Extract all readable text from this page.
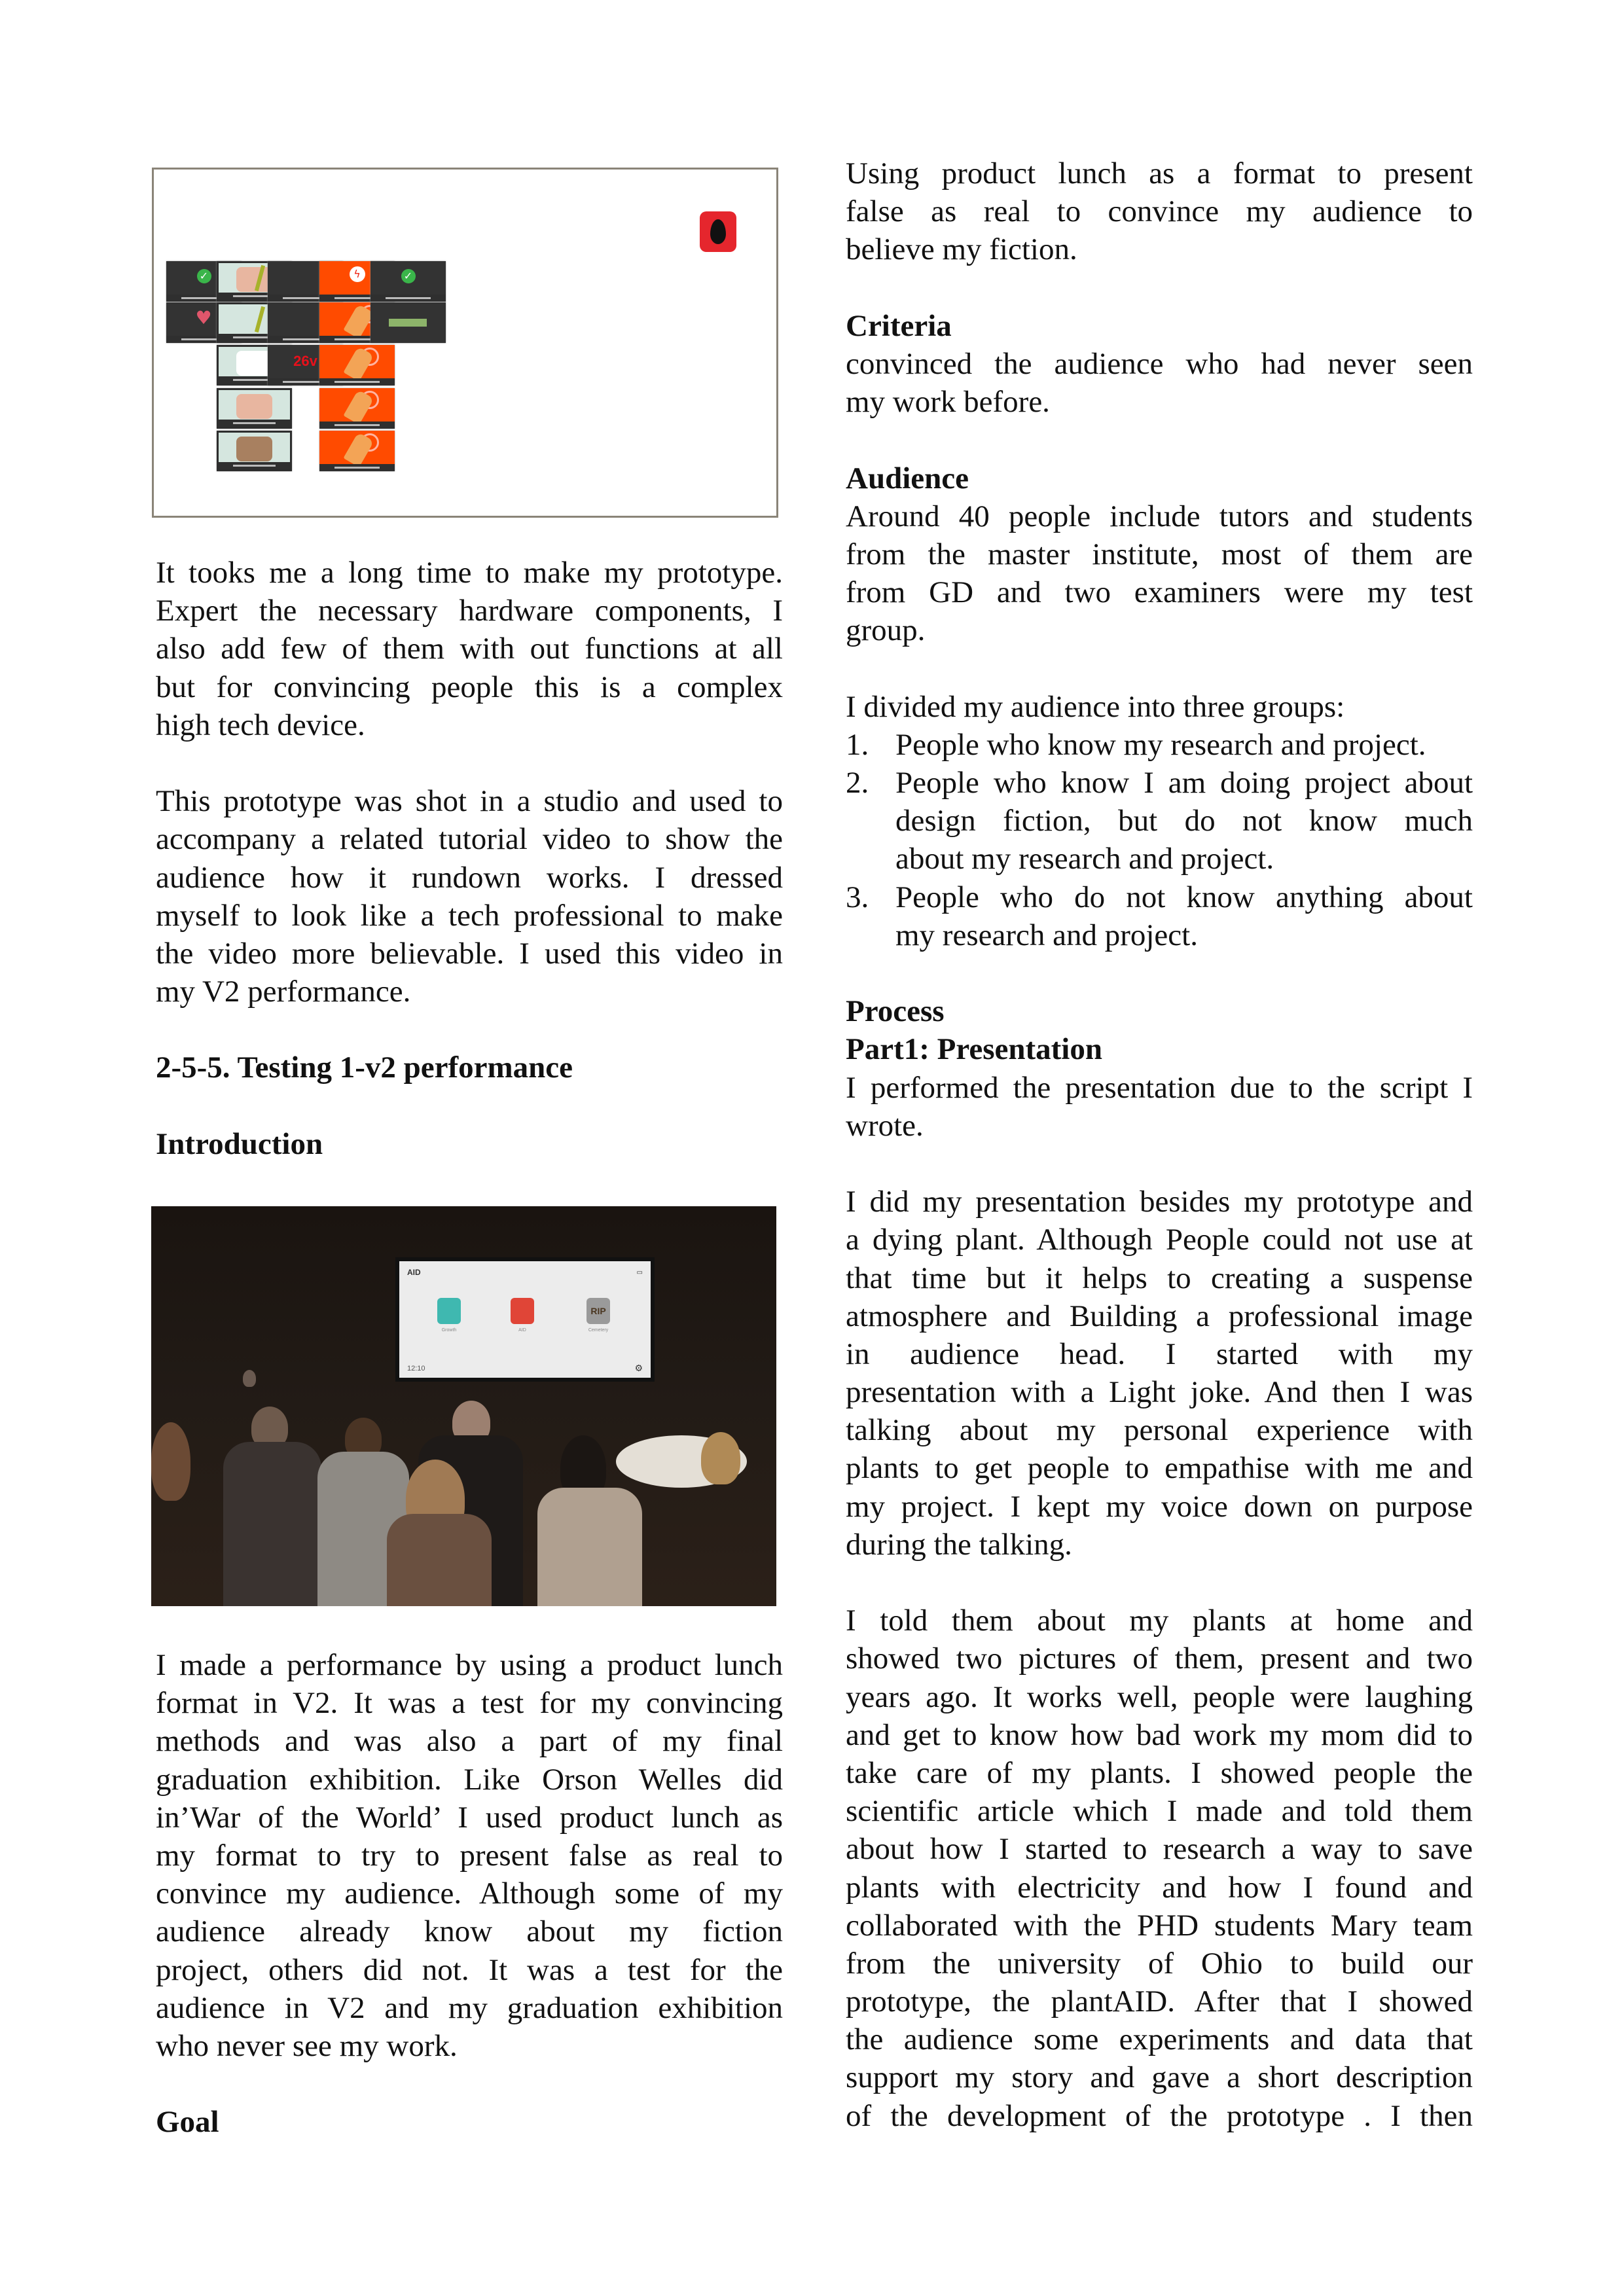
✓
♥
26v
ϟ	✓
It tooks me a long time to make my prototype.
Expert the necessary hardware components, I
also add few of them with out functions at all
but for convincing people this is a complex
high tech device.
This prototype was shot in a studio and used to
accompany a related tutorial video to show the
audience how it rundown works. I dressed
myself to look like a tech professional to make
the video more believable. I used this video in
my V2 performance.
2-5-5. Testing 1-v2 performance
Introduction
AID	▭
RIP
Growth	AID	Cemetery
12:10	⚙
I made a performance by using a product lunch
format in V2. It was a test for my convincing
methods and was also a part of my final
graduation exhibition. Like Orson Welles did
in’War of the World’ I used product lunch as
my format to try to present false as real to
convince my audience. Although some of my
audience already know about my fiction
project, others did not. It was a test for the
audience in V2 and my graduation exhibition
who never see my work.
Goal
Using product lunch as a format to present
false as real to convince my audience to
believe my fiction.
Criteria
convinced the audience who had never seen
my work before.
Audience
Around 40 people include tutors and students
from the master institute, most of them are
from GD and two examiners were my test
group.
I divided my audience into three groups:
1. People who know my research and project.
2. People who know I am doing project about
design fiction, but do not know much
about my research and project.
3. People who do not know anything about
my research and project.
Process
Part1: Presentation
I performed the presentation due to the script I
wrote.
I did my presentation besides my prototype and
a dying plant. Although People could not use at
that time but it helps to creating a suspense
atmosphere and Building a professional image
in audience head. I started with my
presentation with a Light joke. And then I was
talking about my personal experience with
plants to get people to empathise with me and
my project. I kept my voice down on purpose
during the talking.
I told them about my plants at home and
showed two pictures of them, present and two
years ago. It works well, people were laughing
and get to know how bad work my mom did to
take care of my plants. I showed people the
scientific article which I made and told them
about how I started to research a way to save
plants with electricity and how I found and
collaborated with the PHD students Mary team
from the university of Ohio to build our
prototype, the plantAID. After that I showed
the audience some experiments and data that
support my story and gave a short description
of the development of the prototype . I then
